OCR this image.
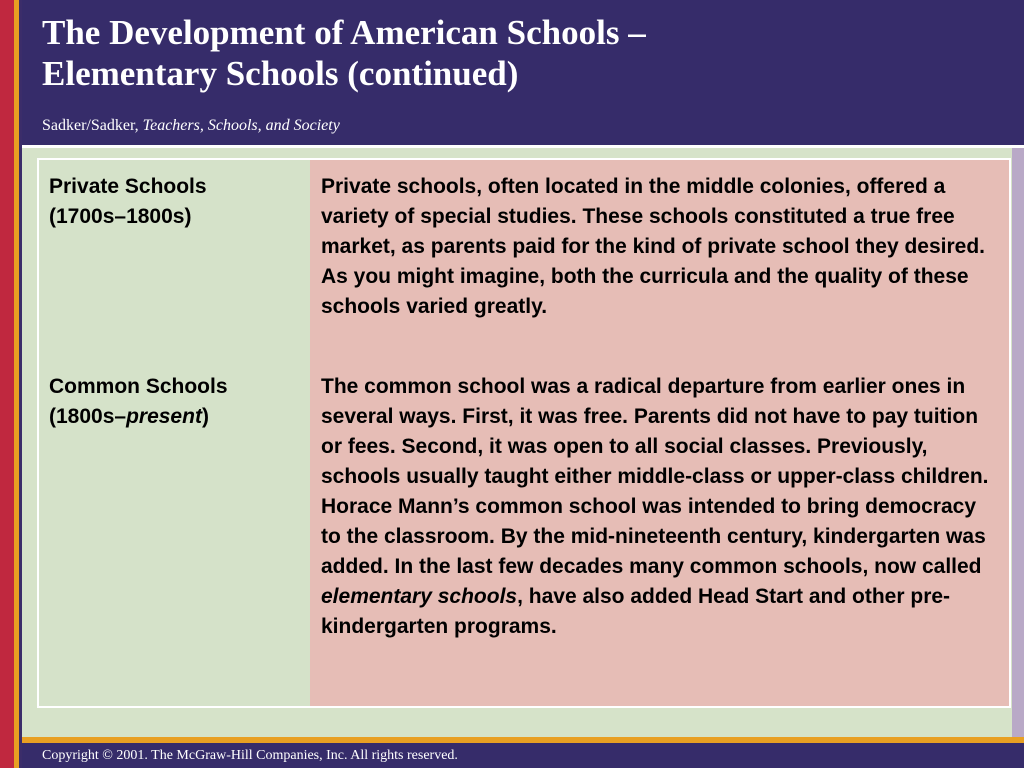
The Development of American Schools –
Elementary Schools (continued)
Sadker/Sadker, Teachers, Schools, and Society
Private Schools
(1700s–1800s)
Private schools, often located in the middle colonies, offered a variety of special studies. These schools constituted a true free market, as parents paid for the kind of private school they desired. As you might imagine, both the curricula and the quality of these schools varied greatly.
Common Schools
(1800s–present)
The common school was a radical departure from earlier ones in several ways. First, it was free. Parents did not have to pay tuition or fees. Second, it was open to all social classes. Previously, schools usually taught either middle-class or upper-class children. Horace Mann’s common school was intended to bring democracy to the classroom. By the mid-nineteenth century, kindergarten was added. In the last few decades many common schools, now called elementary schools, have also added Head Start and other pre-kindergarten programs.
Copyright © 2001. The McGraw-Hill Companies, Inc. All rights reserved.
